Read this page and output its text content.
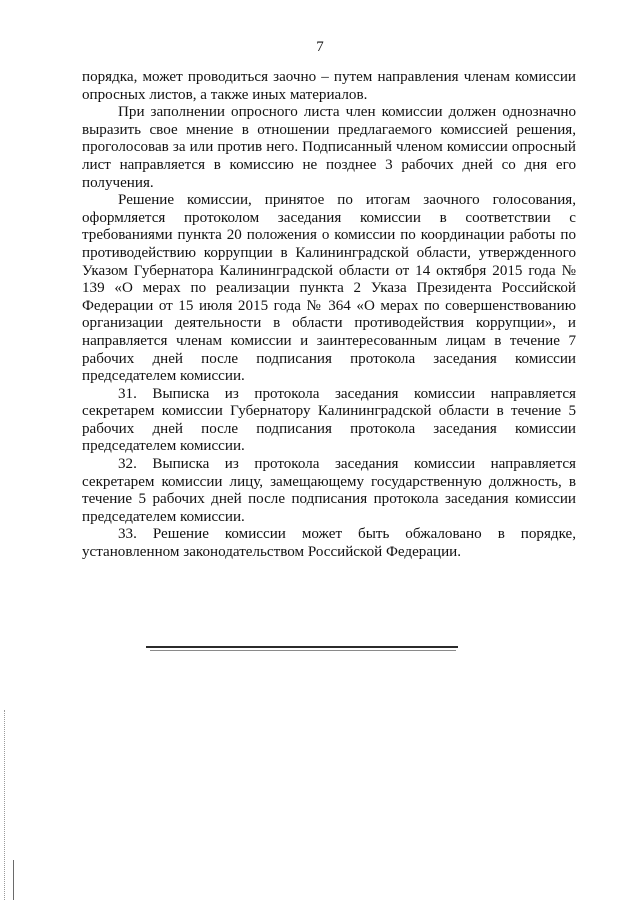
7

порядка, может проводиться заочно – путем направления членам комиссии опросных листов, а также иных материалов.

При заполнении опросного листа член комиссии должен однозначно выразить свое мнение в отношении предлагаемого комиссией решения, проголосовав за или против него. Подписанный членом комиссии опросный лист направляется в комиссию не позднее 3 рабочих дней со дня его получения.

Решение комиссии, принятое по итогам заочного голосования, оформляется протоколом заседания комиссии в соответствии с требованиями пункта 20 положения о комиссии по координации работы по противодействию коррупции в Калининградской области, утвержденного Указом Губернатора Калининградской области от 14 октября 2015 года № 139 «О мерах по реализации пункта 2 Указа Президента Российской Федерации от 15 июля 2015 года № 364 «О мерах по совершенствованию организации деятельности в области противодействия коррупции», и направляется членам комиссии и заинтересованным лицам в течение 7 рабочих дней после подписания протокола заседания комиссии председателем комиссии.

31. Выписка из протокола заседания комиссии направляется секретарем комиссии Губернатору Калининградской области в течение 5 рабочих дней после подписания протокола заседания комиссии председателем комиссии.

32. Выписка из протокола заседания комиссии направляется секретарем комиссии лицу, замещающему государственную должность, в течение 5 рабочих дней после подписания протокола заседания комиссии председателем комиссии.

33. Решение комиссии может быть обжаловано в порядке, установленном законодательством Российской Федерации.
